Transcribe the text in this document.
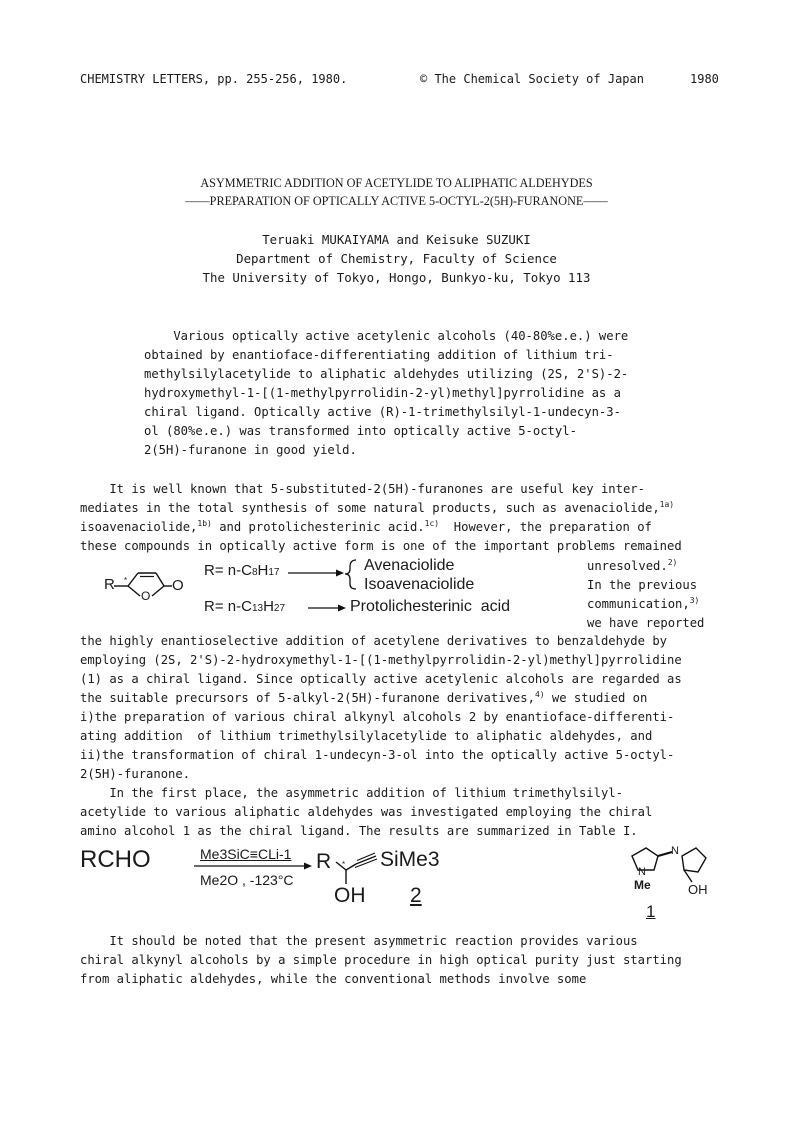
CHEMISTRY LETTERS, pp. 255-256, 1980.	© The Chemical Society of Japan	1980
ASYMMETRIC ADDITION OF ACETYLIDE TO ALIPHATIC ALDEHYDES
——PREPARATION OF OPTICALLY ACTIVE 5-OCTYL-2(5H)-FURANONE——
Teruaki MUKAIYAMA and Keisuke SUZUKI
Department of Chemistry, Faculty of Science
The University of Tokyo, Hongo, Bunkyo-ku, Tokyo 113
Various optically active acetylenic alcohols (40-80%e.e.) were
obtained by enantioface-differentiating addition of lithium tri-
methylsilylacetylide to aliphatic aldehydes utilizing (2S, 2'S)-2-
hydroxymethyl-1-[(1-methylpyrrolidin-2-yl)methyl]pyrrolidine as a
chiral ligand. Optically active (R)-1-trimethylsilyl-1-undecyn-3-
ol (80%e.e.) was transformed into optically active 5-octyl-
2(5H)-furanone in good yield.
It is well known that 5-substituted-2(5H)-furanones are useful key inter-
mediates in the total synthesis of some natural products, such as avenaciolide,$^{1a)}$
isoavenaciolide,$^{1b)}$ and protolichesterinic acid.$^{1c)}$  However, the preparation of
these compounds in optically active form is one of the important problems remained
unresolved.$^{2)}$
In the previous
communication,$^{3)}$
we have reported

R

*

O

O

R= n-C8H17

	Avenaciolide

Isoavenaciolide

R= n-C13H27

	Protolichesterinic  acid

the highly enantioselective addition of acetylene derivatives to benzaldehyde by
employing (2S, 2'S)-2-hydroxymethyl-1-[(1-methylpyrrolidin-2-yl)methyl]pyrrolidine
(1) as a chiral ligand. Since optically active acetylenic alcohols are regarded as
the suitable precursors of 5-alkyl-2(5H)-furanone derivatives,$^{4)}$ we studied on
i)the preparation of various chiral alkynyl alcohols 2 by enantioface-differenti-
ating addition  of lithium trimethylsilylacetylide to aliphatic aldehydes, and
ii)the transformation of chiral 1-undecyn-3-ol into the optically active 5-octyl-
2(5H)-furanone.
In the first place, the asymmetric addition of lithium trimethylsilyl-
acetylide to various aliphatic aldehydes was investigated employing the chiral
amino alcohol 1 as the chiral ligand. The results are summarized in Table I.

RCHO

	Me3SiC≡CLi-1

Me2O , -123°C

R

*

SiMe3

OH

2

N

N

Me

	OH

1

It should be noted that the present asymmetric reaction provides various
chiral alkynyl alcohols by a simple procedure in high optical purity just starting
from aliphatic aldehydes, while the conventional methods involve some
